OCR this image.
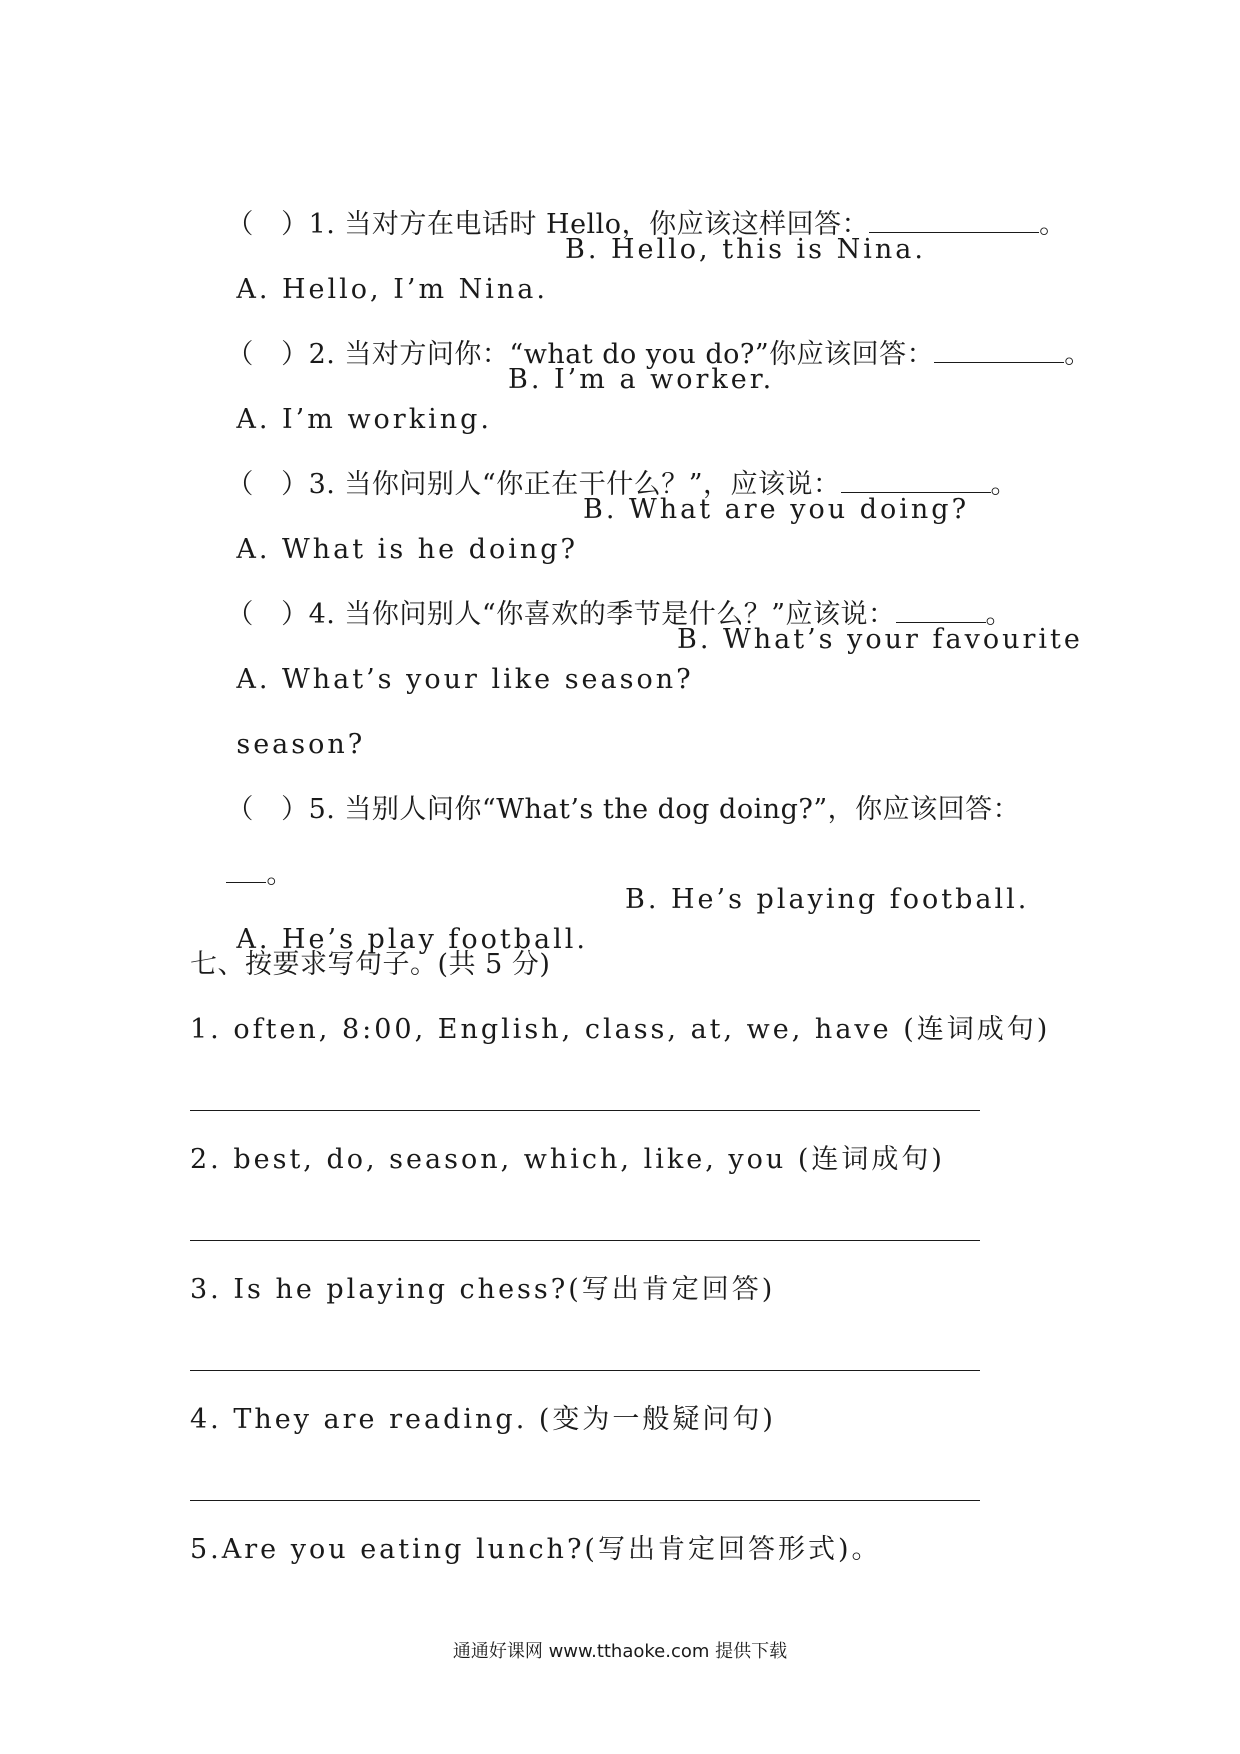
（   ）1. 当对方在电话时 Hello，你应该这样回答：	。

A. Hello, I’m Nina.

B. Hello, this is Nina.

（   ）2. 当对方问你：“what do you do?”你应该回答：	。

A. I’m working.

B. I’m a worker.

（   ）3. 当你问别人“你正在干什么？”，应该说：	。

A. What is he doing?

B. What are you doing?

（   ）4. 当你问别人“你喜欢的季节是什么？”应该说：	。

A. What’s your like season?

B. What’s your favourite

season?

（   ）5. 当别人问你“What’s the dog doing?”，你应该回答：

。

A. He’s play football.

B. He’s playing football.

七、按要求写句子。(共 5 分)
1. often, 8:00, English, class, at, we, have (连词成句)
2. best, do, season, which, like, you (连词成句)
3. Is he playing chess?(写出肯定回答)
4. They are reading. (变为一般疑问句)
5.Are you eating lunch?(写出肯定回答形式)。
通通好课网 www.tthaoke.com 提供下载
